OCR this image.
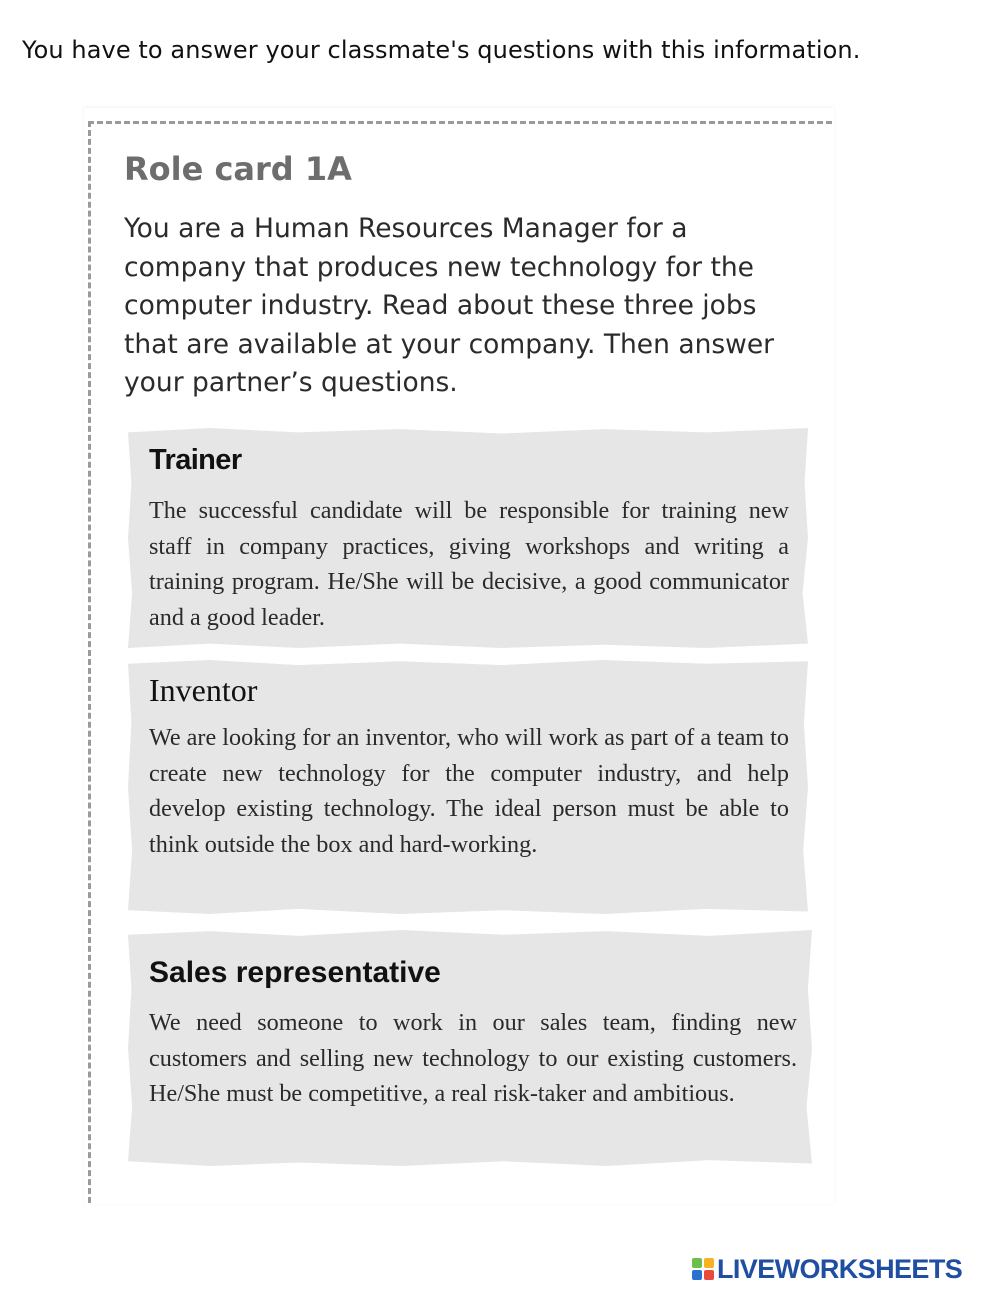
You have to answer your classmate's questions with this information.
Role card 1A
You are a Human Resources Manager for a company that produces new technology for the computer industry. Read about these three jobs that are available at your company. Then answer your partner’s questions.
Trainer
The successful candidate will be responsible for training new staff in company practices, giving workshops and writing a training program. He/She will be decisive, a good communicator and a good leader.
Inventor
We are looking for an inventor, who will work as part of a team to create new technology for the computer industry, and help develop existing technology. The ideal person must be able to think outside the box and hard-working.
Sales representative
We need someone to work in our sales team, finding new customers and selling new technology to our existing customers. He/She must be competitive, a real risk-taker and ambitious.
LIVEWORKSHEETS
